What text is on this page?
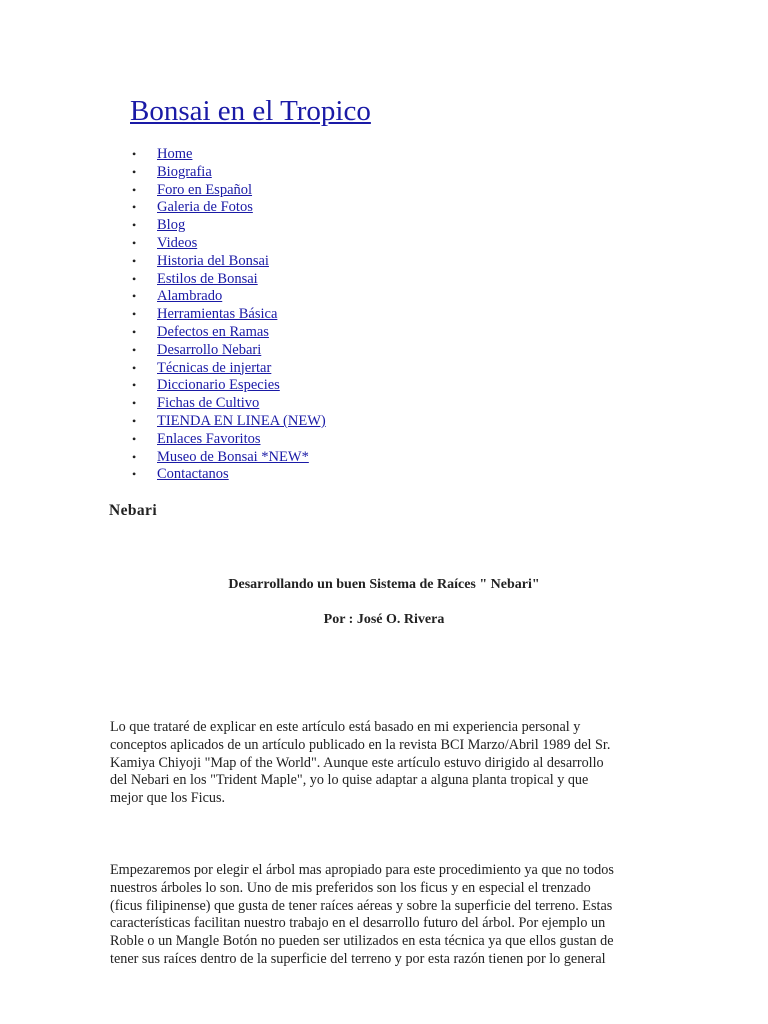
Bonsai en el Tropico
• Home
• Biografia
• Foro en Español
• Galeria de Fotos
• Blog
• Videos
• Historia del Bonsai
• Estilos de Bonsai
• Alambrado
• Herramientas Básica
• Defectos en Ramas
• Desarrollo Nebari
• Técnicas de injertar
• Diccionario Especies
• Fichas de Cultivo
• TIENDA EN LINEA (NEW)
• Enlaces Favoritos
• Museo de Bonsai *NEW*
• Contactanos
Nebari

Desarrollando un buen Sistema de Raíces " Nebari"

Por : José O. Rivera

Lo que trataré de explicar en este artículo está basado en mi experiencia personal y
conceptos aplicados de un artículo publicado en la revista BCI Marzo/Abril 1989 del Sr.
Kamiya Chiyoji "Map of the World". Aunque este artículo estuvo dirigido al desarrollo
del Nebari en los "Trident Maple", yo lo quise adaptar a alguna planta tropical y que
mejor que los Ficus.

Empezaremos por elegir el árbol mas apropiado para este procedimiento ya que no todos
nuestros árboles lo son. Uno de mis preferidos son los ficus y en especial el trenzado
(ficus filipinense) que gusta de tener raíces aéreas y sobre la superficie del terreno. Estas
características facilitan nuestro trabajo en el desarrollo futuro del árbol. Por ejemplo un
Roble o un Mangle Botón no pueden ser utilizados en esta técnica ya que ellos gustan de
tener sus raíces dentro de la superficie del terreno y por esta razón tienen por lo general
